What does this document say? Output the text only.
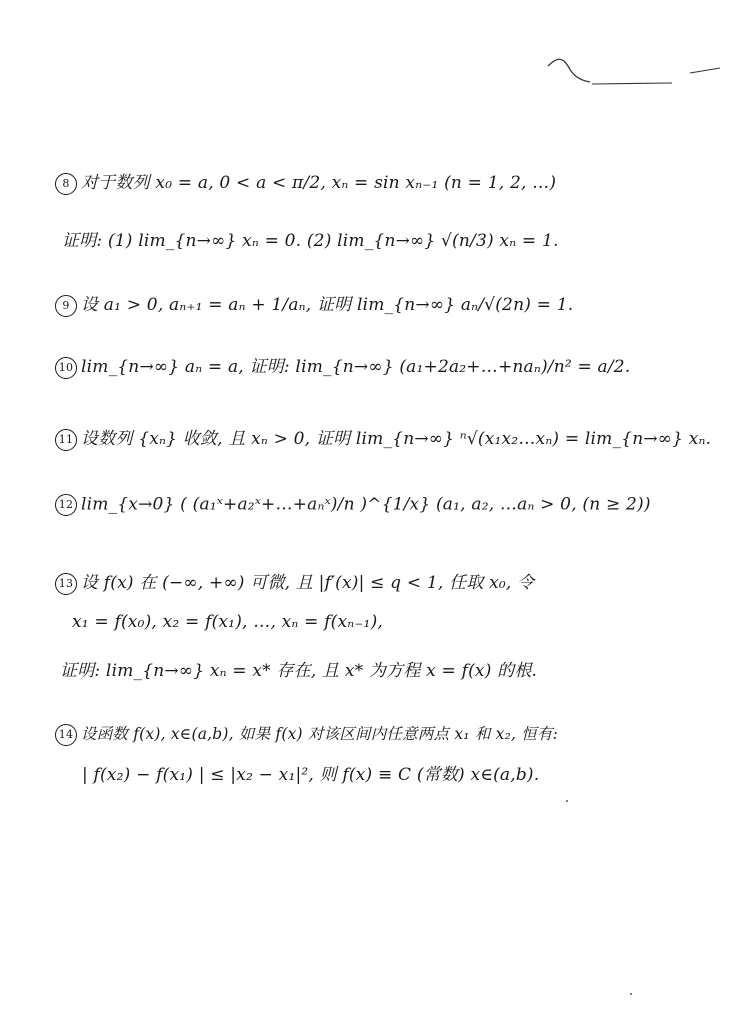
8 对于数列 x₀ = a, 0 < a < π/2, xₙ = sin xₙ₋₁ (n = 1, 2, …)
证明: (1) lim_{n→∞} xₙ = 0. (2) lim_{n→∞} √(n/3) xₙ = 1.
9 设 a₁ > 0, aₙ₊₁ = aₙ + 1/aₙ, 证明 lim_{n→∞} aₙ/√(2n) = 1.
10 lim_{n→∞} aₙ = a, 证明: lim_{n→∞} (a₁+2a₂+…+naₙ)/n² = a/2.
11 设数列 {xₙ} 收敛, 且 xₙ > 0, 证明 lim_{n→∞} ⁿ√(x₁x₂…xₙ) = lim_{n→∞} xₙ.
12 lim_{x→0} ( (a₁ˣ+a₂ˣ+…+aₙˣ)/n )^{1/x} (a₁, a₂, …aₙ > 0, (n ≥ 2))
13 设 f(x) 在 (−∞, +∞) 可微, 且 |f′(x)| ≤ q < 1, 任取 x₀, 令
x₁ = f(x₀), x₂ = f(x₁), …, xₙ = f(xₙ₋₁),
证明: lim_{n→∞} xₙ = x* 存在, 且 x* 为方程 x = f(x) 的根.
14 设函数 f(x), x∈(a,b), 如果 f(x) 对该区间内任意两点 x₁ 和 x₂, 恒有:
| f(x₂) − f(x₁) | ≤ |x₂ − x₁|², 则 f(x) ≡ C (常数) x∈(a,b).
